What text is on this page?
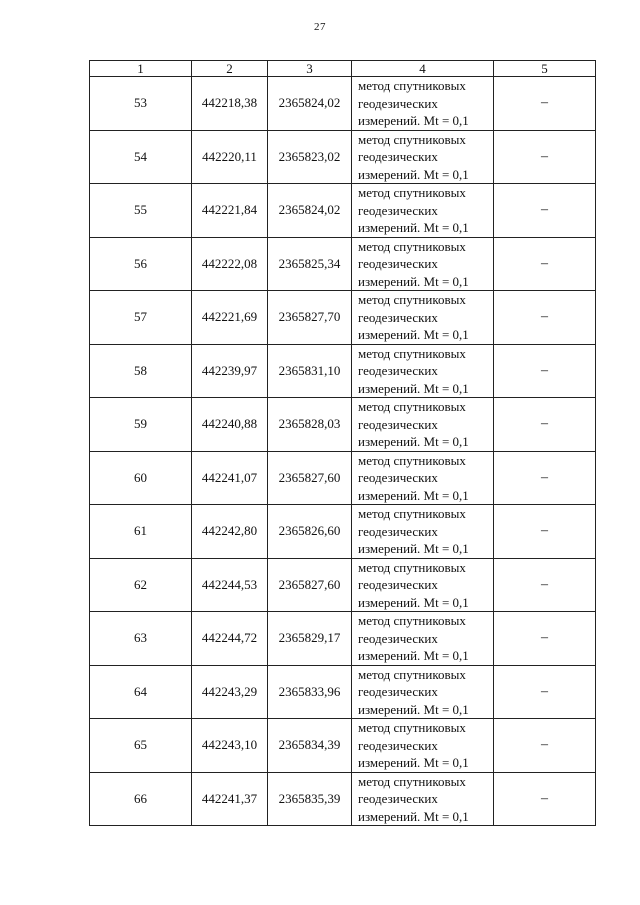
27
1	2	3	4	5
53	442218,38	2365824,02	метод спутниковых
геодезических
измерений. Mt = 0,1	–
54	442220,11	2365823,02	метод спутниковых
геодезических
измерений. Mt = 0,1	–
55	442221,84	2365824,02	метод спутниковых
геодезических
измерений. Mt = 0,1	–
56	442222,08	2365825,34	метод спутниковых
геодезических
измерений. Mt = 0,1	–
57	442221,69	2365827,70	метод спутниковых
геодезических
измерений. Mt = 0,1	–
58	442239,97	2365831,10	метод спутниковых
геодезических
измерений. Mt = 0,1	–
59	442240,88	2365828,03	метод спутниковых
геодезических
измерений. Mt = 0,1	–
60	442241,07	2365827,60	метод спутниковых
геодезических
измерений. Mt = 0,1	–
61	442242,80	2365826,60	метод спутниковых
геодезических
измерений. Mt = 0,1	–
62	442244,53	2365827,60	метод спутниковых
геодезических
измерений. Mt = 0,1	–
63	442244,72	2365829,17	метод спутниковых
геодезических
измерений. Mt = 0,1	–
64	442243,29	2365833,96	метод спутниковых
геодезических
измерений. Mt = 0,1	–
65	442243,10	2365834,39	метод спутниковых
геодезических
измерений. Mt = 0,1	–
66	442241,37	2365835,39	метод спутниковых
геодезических
измерений. Mt = 0,1	–
